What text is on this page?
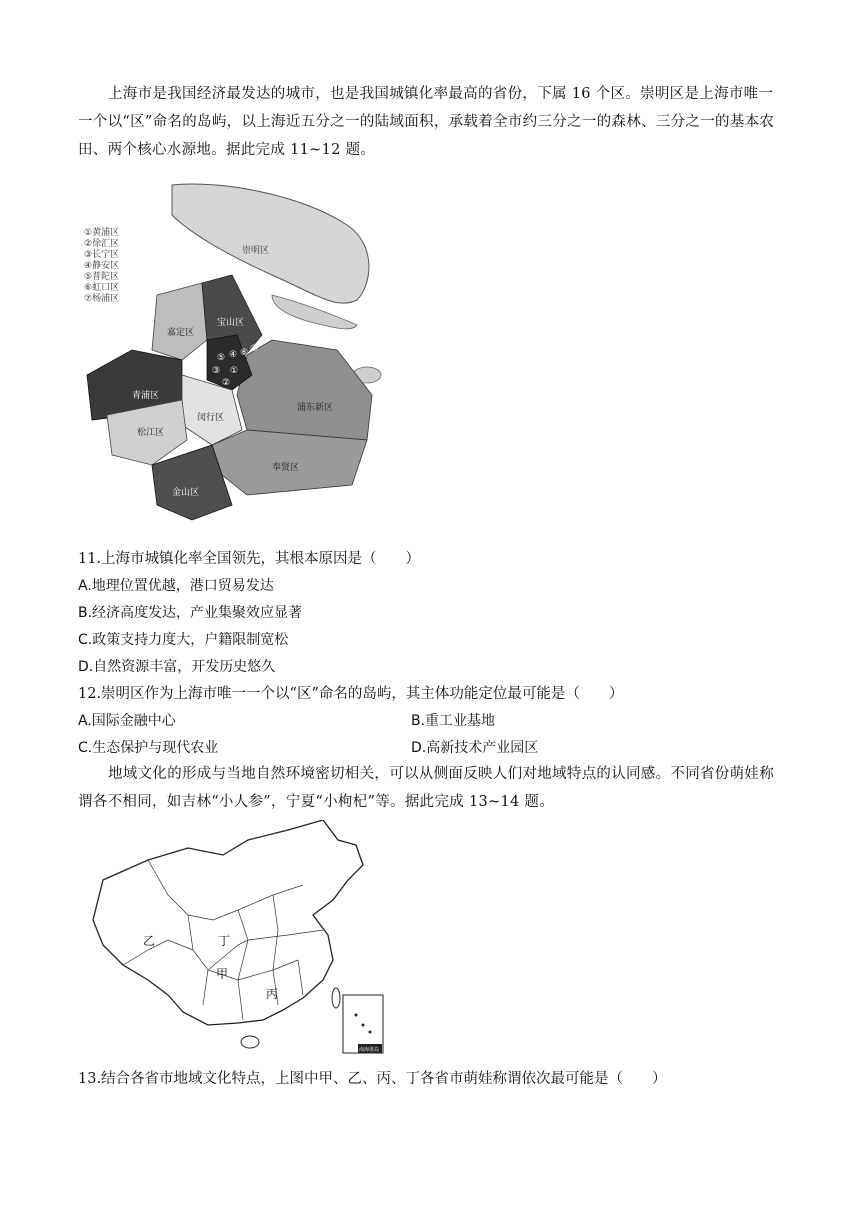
上海市是我国经济最发达的城市，也是我国城镇化率最高的省份，下属 16 个区。崇明区是上海市唯一一个以“区”命名的岛屿，以上海近五分之一的陆域面积，承载着全市约三分之一的森林、三分之一的基本农田、两个核心水源地。据此完成 11~12 题。
①黄浦区
②徐汇区
③长宁区
④静安区
⑤普陀区
⑥虹口区
⑦杨浦区
崇明区
宝山区
嘉定区
青浦区
闵行区
浦东新区
松江区
奉贤区
金山区
⑤ ④ ⑥ ⑦
③ ①
②
11.上海市城镇化率全国领先，其根本原因是（　　）
A.地理位置优越，港口贸易发达
B.经济高度发达，产业集聚效应显著
C.政策支持力度大，户籍限制宽松
D.自然资源丰富，开发历史悠久
12.崇明区作为上海市唯一一个以“区”命名的岛屿，其主体功能定位最可能是（　　）
A.国际金融中心	B.重工业基地
C.生态保护与现代农业	D.高新技术产业园区
地域文化的形成与当地自然环境密切相关，可以从侧面反映人们对地域特点的认同感。不同省份萌娃称谓各不相同，如吉林“小人参”，宁夏“小枸杞”等。据此完成 13~14 题。
乙	丁
甲
丙
南海诸岛
13.结合各省市地域文化特点，上图中甲、乙、丙、丁各省市萌娃称谓依次最可能是（　　）
